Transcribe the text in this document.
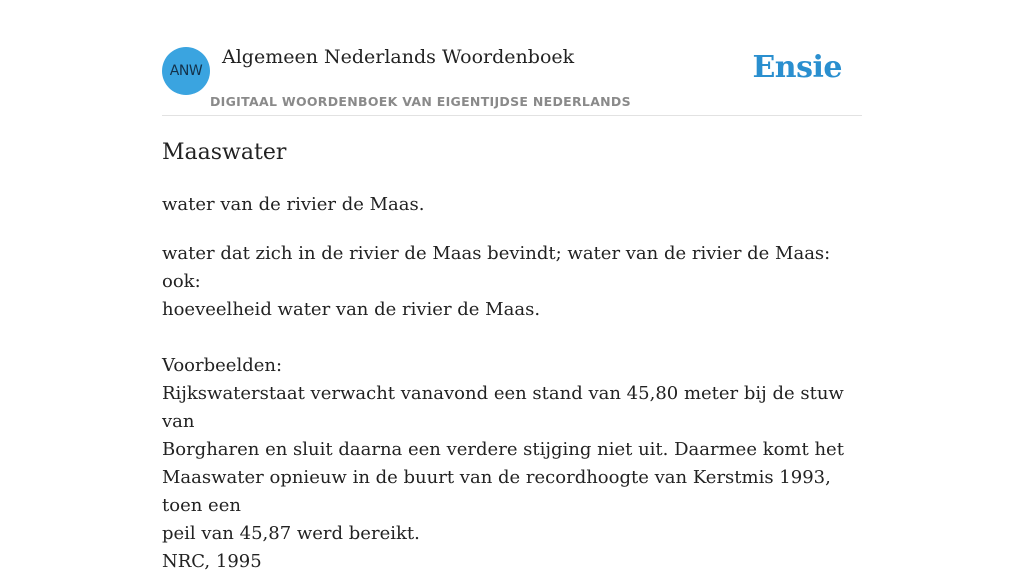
ANW
Algemeen Nederlands Woordenboek
DIGITAAL WOORDENBOEK VAN EIGENTIJDSE NEDERLANDS
Ensie
Maaswater
water van de rivier de Maas.
water dat zich in de rivier de Maas bevindt; water van de rivier de Maas: ook:
hoeveelheid water van de rivier de Maas.
Voorbeelden:
Rijkswaterstaat verwacht vanavond een stand van 45,80 meter bij de stuw van
Borgharen en sluit daarna een verdere stijging niet uit. Daarmee komt het
Maaswater opnieuw in de buurt van de recordhoogte van Kerstmis 1993, toen een
peil van 45,87 werd bereikt.
NRC, 1995
